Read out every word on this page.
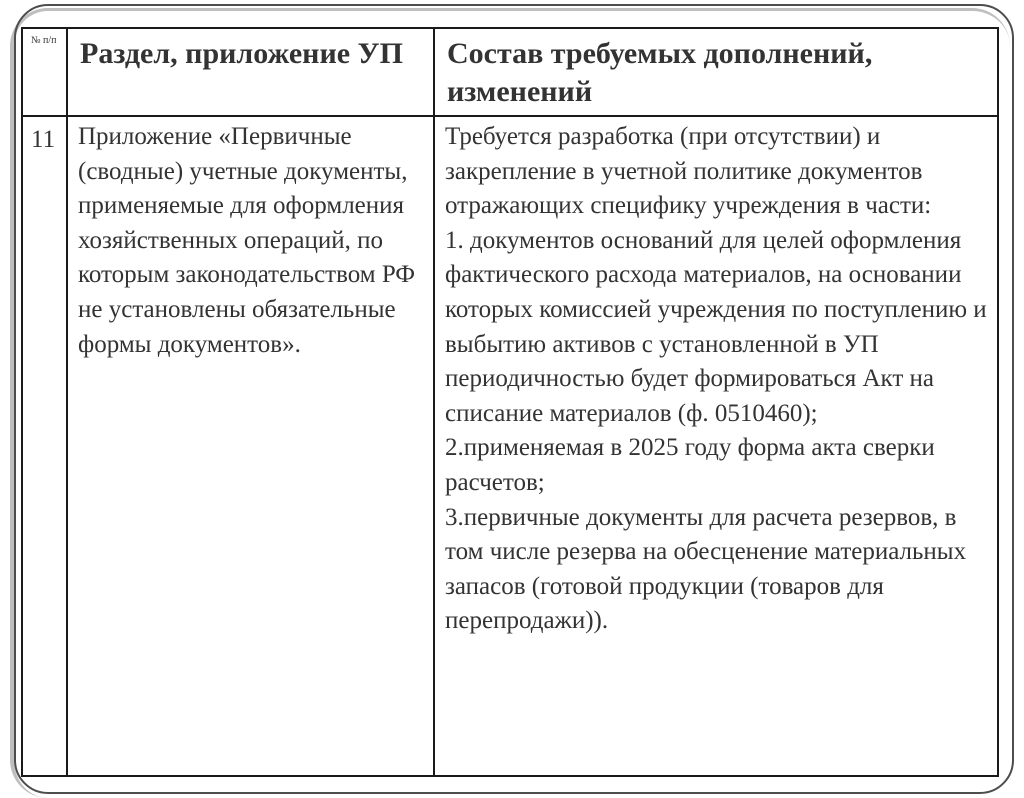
№ п/п	Раздел, приложение УП	Состав требуемых дополнений, изменений
11	Приложение «Первичные (сводные) учетные документы, применяемые для оформления хозяйственных операций, по которым законодательством РФ не установлены обязательные формы документов».	Требуется разработка (при отсутствии) и закрепление в учетной политике документов отражающих специфику учреждения в части:
1. документов оснований для целей оформления фактического расхода материалов, на основании которых комиссией учреждения по поступлению и выбытию активов с установленной в УП периодичностью будет формироваться Акт на списание материалов (ф. 0510460);
2.применяемая в 2025 году форма акта сверки расчетов;
3.первичные документы для расчета резервов, в том числе резерва на обесценение материальных запасов (готовой продукции (товаров для перепродажи)).
